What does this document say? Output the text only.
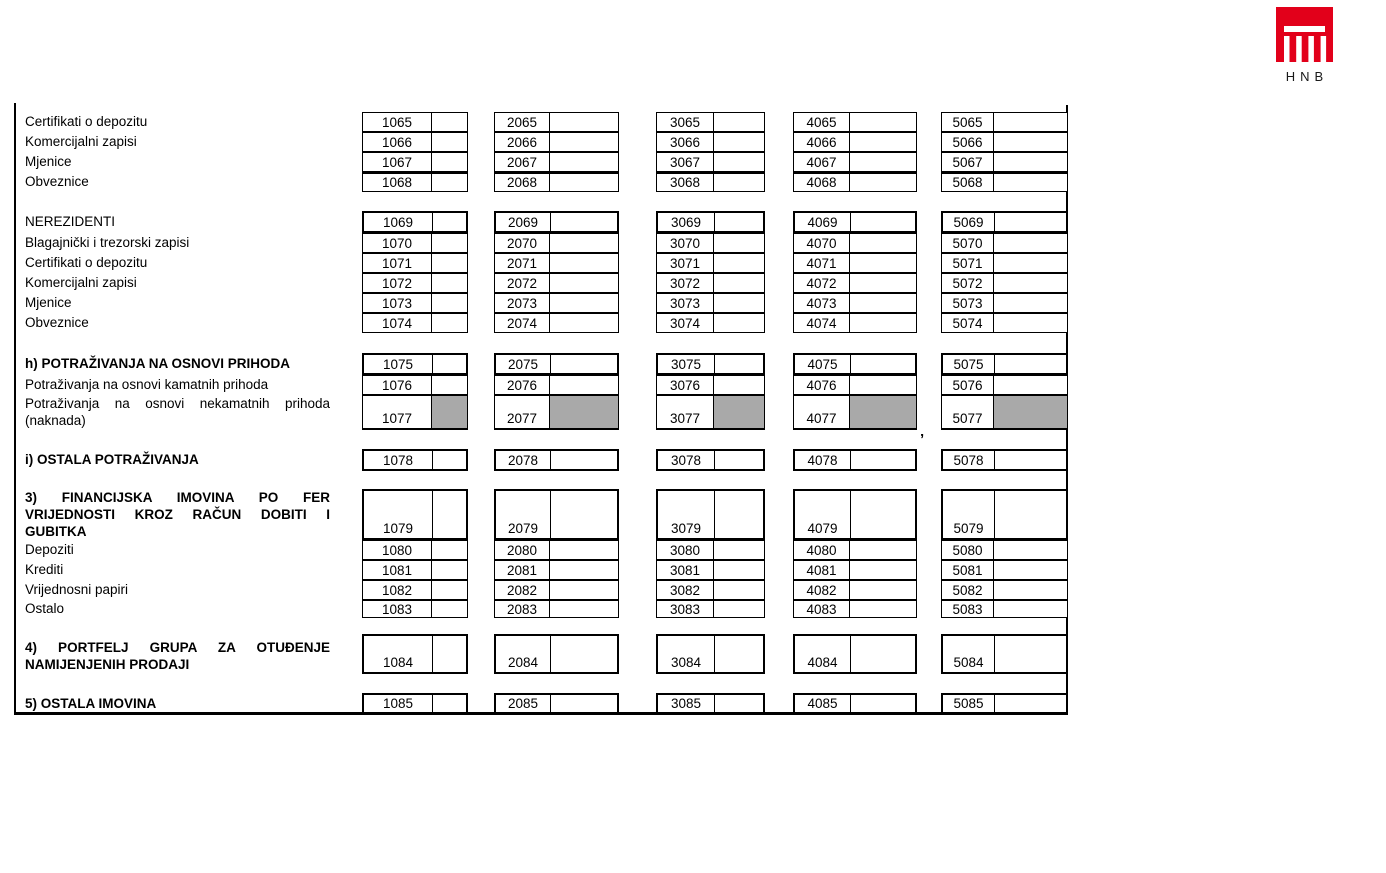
HNB
Certifikati o depozitu	1065	2065	3065	4065	5065
Komercijalni zapisi	1066	2066	3066	4066	5066
Mjenice	1067	2067	3067	4067	5067
Obveznice	1068	2068	3068	4068	5068
NEREZIDENTI	1069	2069	3069	4069	5069
Blagajnički i trezorski zapisi	1070	2070	3070	4070	5070
Certifikati o depozitu	1071	2071	3071	4071	5071
Komercijalni zapisi	1072	2072	3072	4072	5072
Mjenice	1073	2073	3073	4073	5073
Obveznice	1074	2074	3074	4074	5074
h) POTRAŽIVANJA NA OSNOVI PRIHODA	1075	2075	3075	4075	5075
Potraživanja na osnovi kamatnih prihoda	1076	2076	3076	4076	5076
Potraživanja na osnovi nekamatnih prihoda (naknada)	1077	2077	3077	4077	5077
i) OSTALA POTRAŽIVANJA	1078	2078	3078	4078	5078
3) FINANCIJSKA IMOVINA PO FER VRIJEDNOSTI KROZ RAČUN DOBITI I GUBITKA	1079	2079	3079	4079	5079
Depoziti	1080	2080	3080	4080	5080
Krediti	1081	2081	3081	4081	5081
Vrijednosni papiri	1082	2082	3082	4082	5082
Ostalo	1083	2083	3083	4083	5083
4) PORTFELJ GRUPA ZA OTUĐENJE NAMIJENJENIH PRODAJI	1084	2084	3084	4084	5084
5) OSTALA IMOVINA	1085	2085	3085	4085	5085
’
